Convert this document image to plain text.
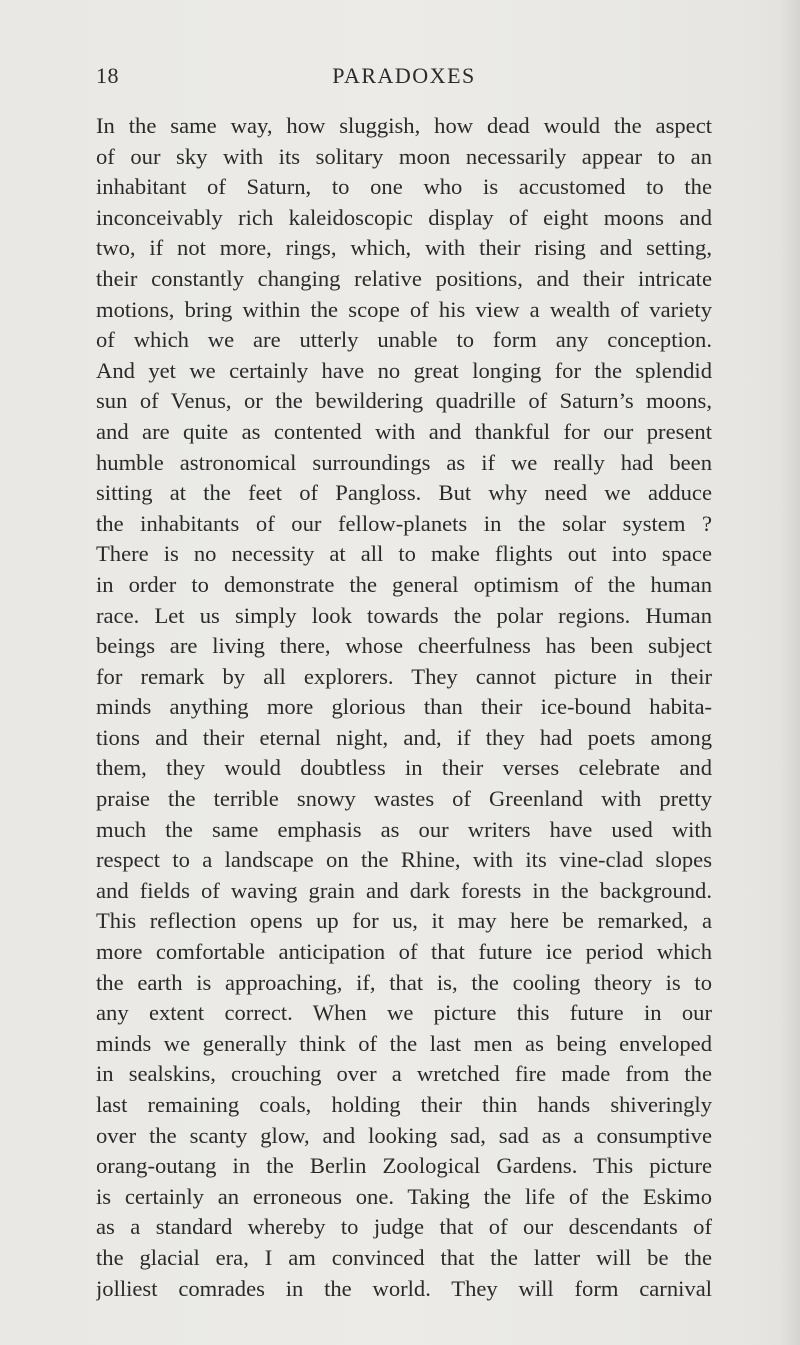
18	PARADOXES
In the same way, how sluggish, how dead would the aspect
of our sky with its solitary moon necessarily appear to an
inhabitant of Saturn, to one who is accustomed to the
inconceivably rich kaleidoscopic display of eight moons and
two, if not more, rings, which, with their rising and setting,
their constantly changing relative positions, and their intricate
motions, bring within the scope of his view a wealth of variety
of which we are utterly unable to form any conception.
And yet we certainly have no great longing for the splendid
sun of Venus, or the bewildering quadrille of Saturn’s moons,
and are quite as contented with and thankful for our present
humble astronomical surroundings as if we really had been
sitting at the feet of Pangloss. But why need we adduce
the inhabitants of our fellow-planets in the solar system ?
There is no necessity at all to make flights out into space
in order to demonstrate the general optimism of the human
race. Let us simply look towards the polar regions. Human
beings are living there, whose cheerfulness has been subject
for remark by all explorers. They cannot picture in their
minds anything more glorious than their ice-bound habita-
tions and their eternal night, and, if they had poets among
them, they would doubtless in their verses celebrate and
praise the terrible snowy wastes of Greenland with pretty
much the same emphasis as our writers have used with
respect to a landscape on the Rhine, with its vine-clad slopes
and fields of waving grain and dark forests in the background.
This reflection opens up for us, it may here be remarked, a
more comfortable anticipation of that future ice period which
the earth is approaching, if, that is, the cooling theory is to
any extent correct. When we picture this future in our
minds we generally think of the last men as being enveloped
in sealskins, crouching over a wretched fire made from the
last remaining coals, holding their thin hands shiveringly
over the scanty glow, and looking sad, sad as a consumptive
orang-outang in the Berlin Zoological Gardens. This picture
is certainly an erroneous one. Taking the life of the Eskimo
as a standard whereby to judge that of our descendants of
the glacial era, I am convinced that the latter will be the
jolliest comrades in the world. They will form carnival
